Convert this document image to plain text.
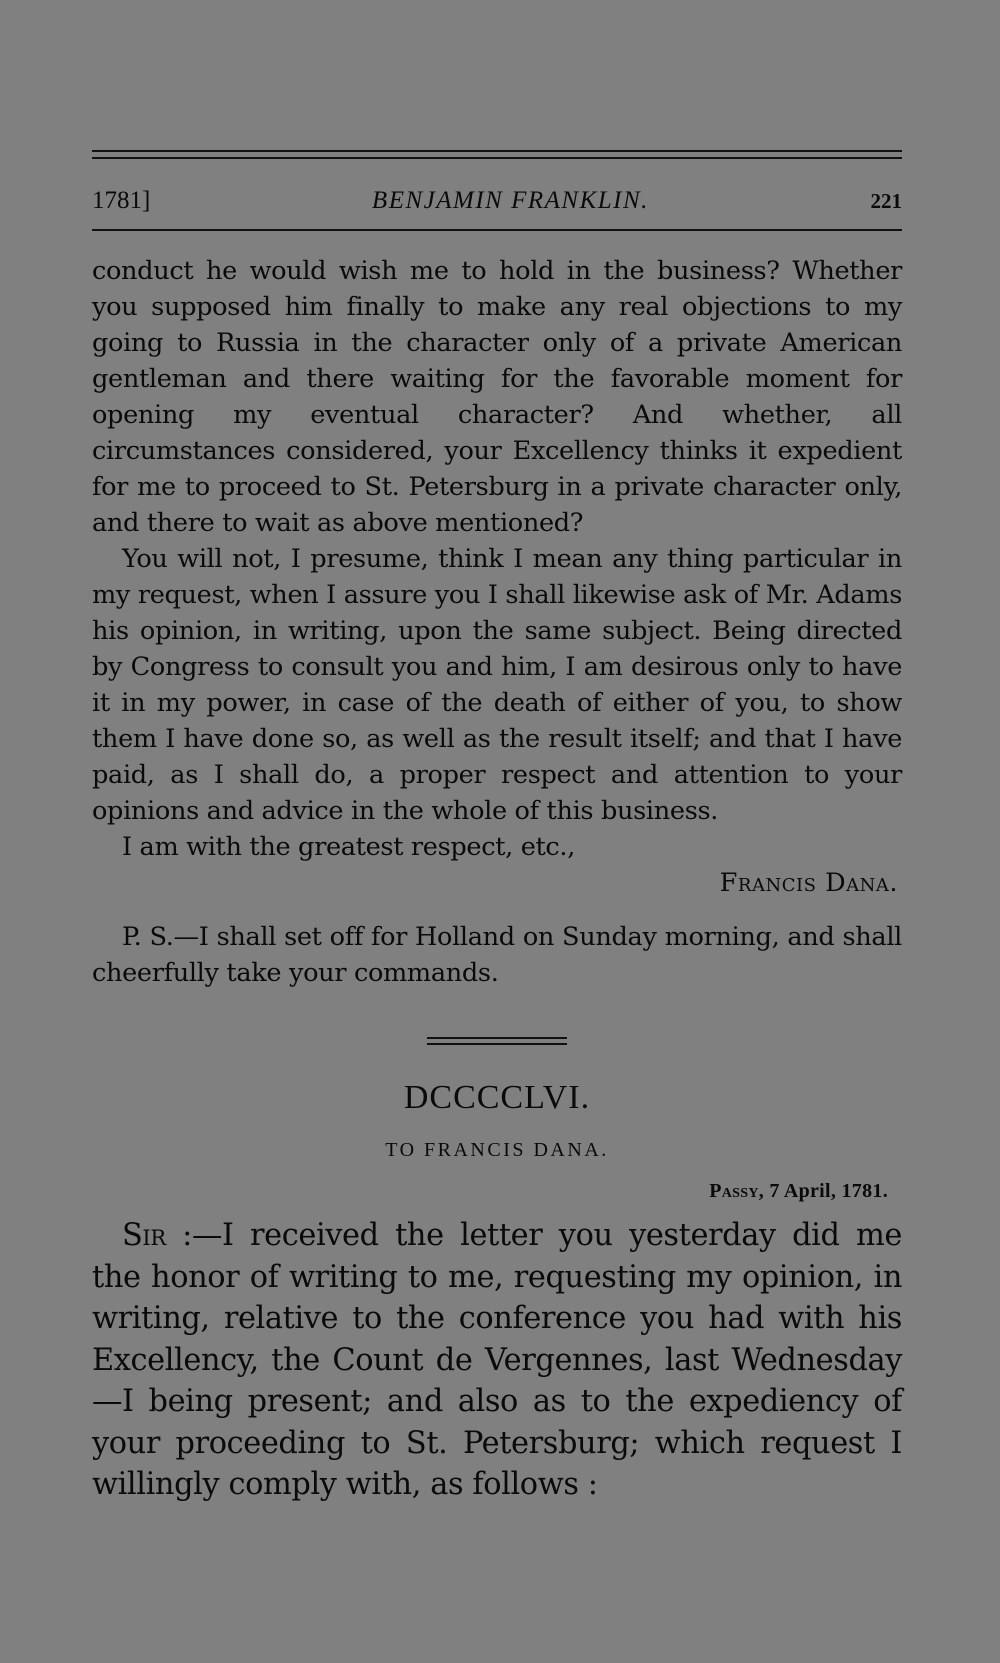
1781]	BENJAMIN FRANKLIN.	221

conduct he would wish me to hold in the business? Whether you supposed him finally to make any real objections to my going to Russia in the character only of a private American gentleman and there waiting for the favorable moment for opening my eventual character? And whether, all circumstances considered, your Excellency thinks it expedient for me to proceed to St. Petersburg in a private character only, and there to wait as above mentioned?

You will not, I presume, think I mean any thing particular in my request, when I assure you I shall likewise ask of Mr. Adams his opinion, in writing, upon the same subject. Being directed by Congress to consult you and him, I am desirous only to have it in my power, in case of the death of either of you, to show them I have done so, as well as the result itself; and that I have paid, as I shall do, a proper respect and attention to your opinions and advice in the whole of this business.

I am with the greatest respect, etc.,

Francis Dana.

P. S.—I shall set off for Holland on Sunday morning, and shall cheerfully take your commands.

DCCCCLVI.
TO FRANCIS DANA.
Passy, 7 April, 1781.

Sir :—I received the letter you yesterday did me the honor of writing to me, requesting my opinion, in writing, relative to the conference you had with his Excellency, the Count de Vergennes, last Wednesday—I being present; and also as to the expediency of your proceeding to St. Petersburg; which request I willingly comply with, as follows :
